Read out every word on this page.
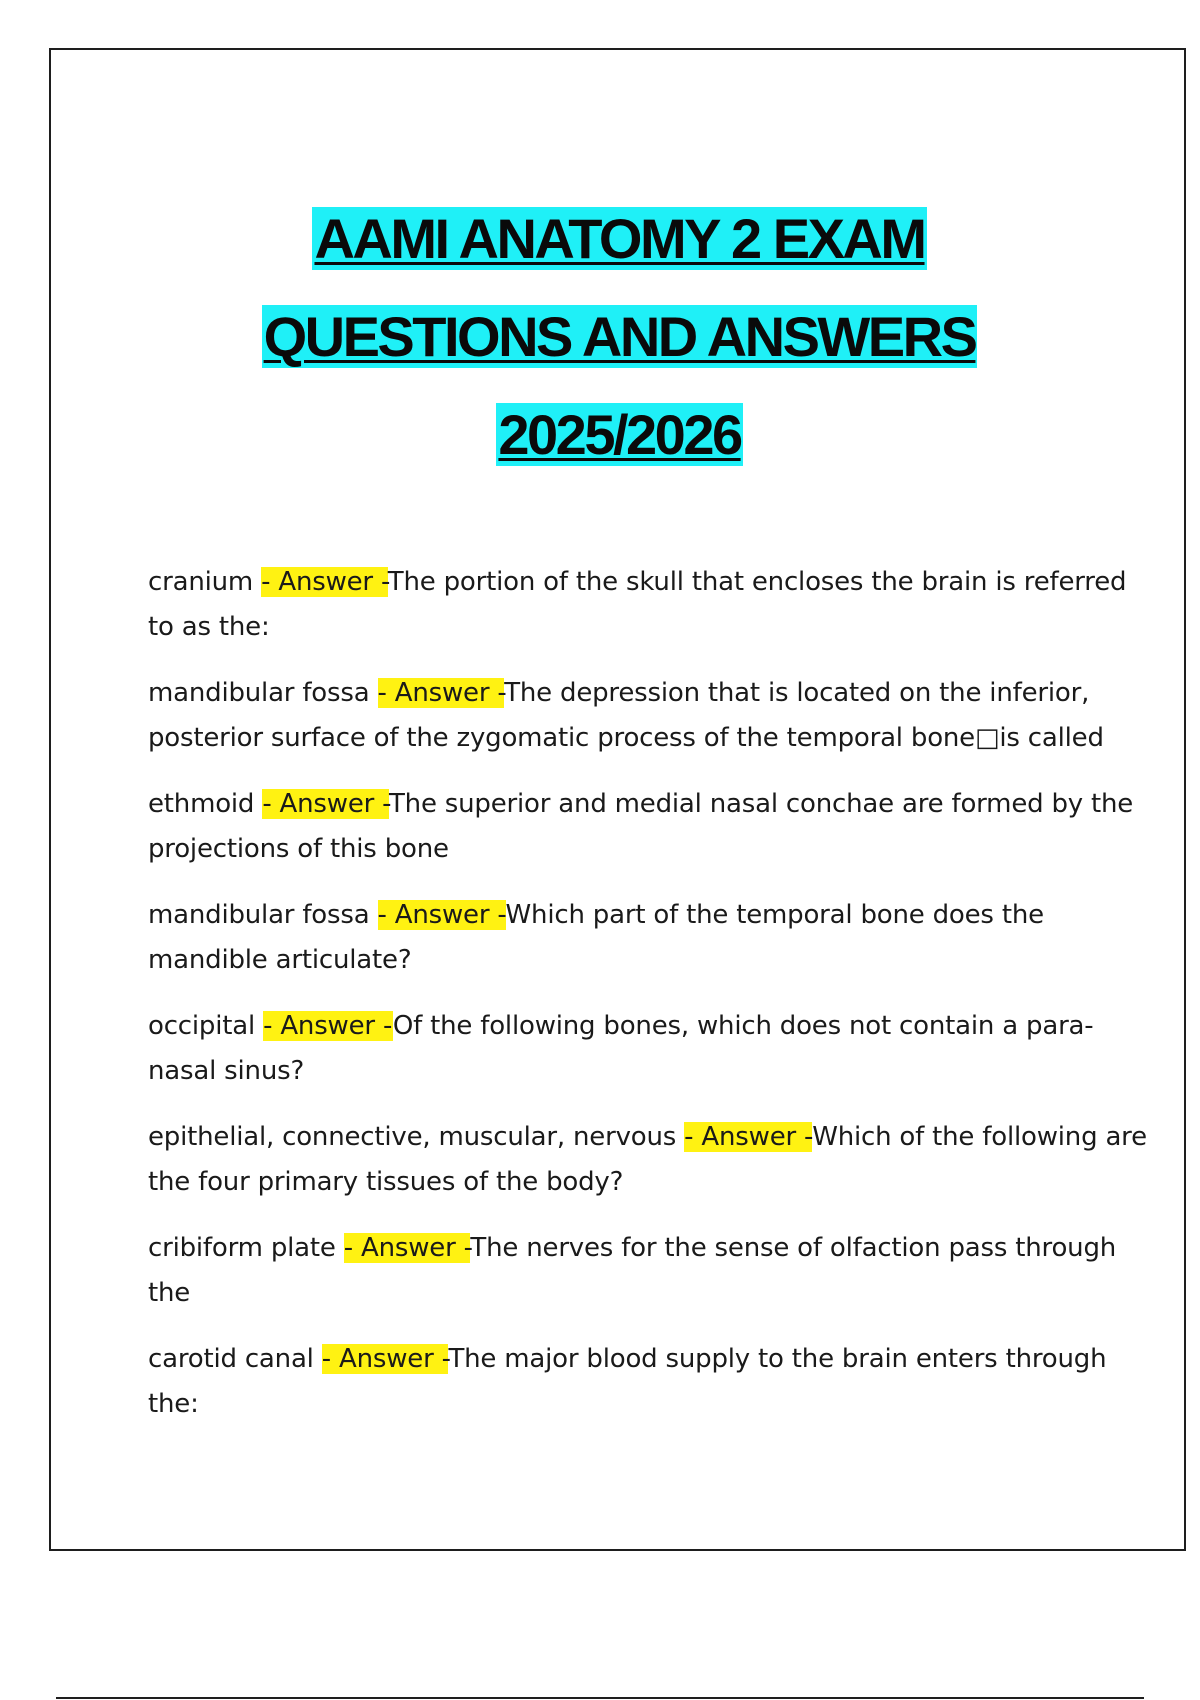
AAMI ANATOMY 2 EXAM

QUESTIONS AND ANSWERS

2025/2026

cranium - Answer -The portion of the skull that encloses the brain is referred to as the:

mandibular fossa - Answer -The depression that is located on the inferior, posterior surface of the zygomatic process of the temporal bone□is called

ethmoid - Answer -The superior and medial nasal conchae are formed by the projections of this bone

mandibular fossa - Answer -Which part of the temporal bone does the mandible articulate?

occipital - Answer -Of the following bones, which does not contain a para-nasal sinus?

epithelial, connective, muscular, nervous - Answer -Which of the following are the four primary tissues of the body?

cribiform plate - Answer -The nerves for the sense of olfaction pass through the

carotid canal - Answer -The major blood supply to the brain enters through the:
